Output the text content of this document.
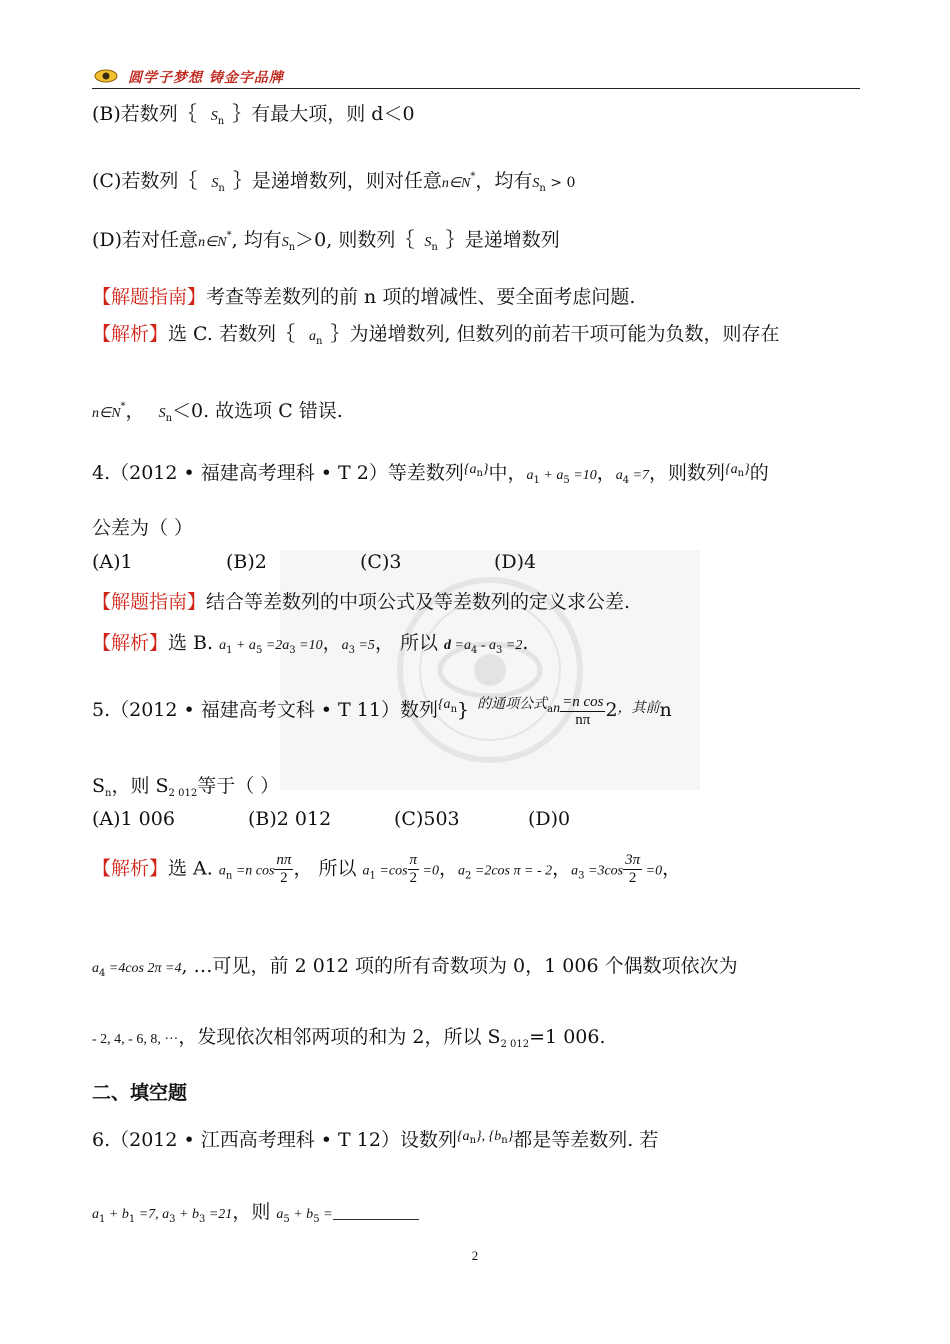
圆学子梦想 铸金字品牌
(B)若数列｛ $S_n$ ｝有最大项，则 d＜0
(C)若数列｛ $S_n$ ｝是递增数列，则对任意n∈N*，均有$S_n > 0$
(D)若对任意n∈N*, 均有$S_n>0$, 则数列｛ $S_n$ ｝是递增数列
【解题指南】考查等差数列的前 n 项的增减性、要全面考虑问题.
【解析】选 C. 若数列｛ $a_n$ ｝为递增数列, 但数列的前若干项可能为负数，则存在
n∈N*， $S_n<0$. 故选项 C 错误.
4.（2012 • 福建高考理科 • T 2）等差数列$^{\{an\}}$中，$a_1 + a_5 =10$，$a_4 =7$，则数列$^{\{an\}}$的
公差为（ ）
(A)1	(B)2	(C)3	(D)4
【解题指南】结合等差数列的中项公式及等差数列的定义求公差.
【解析】选 B. $a_1 + a_5 =2a_3 =10$，$a_3 =5$， 所以 $d =a_4 - a_3 =2$.
5.（2012 • 福建高考文科 • T 11）数列$^{\{an}$} $^{的通项公式an} \frac{\text{=n cos}}{n\pi} 2^{,其前}n$
$S_n$，则 $S_{2 012}$等于（ ）
(A)1 006	(B)2 012	(C)503	(D)0
【解析】选 A. $a_n =n$ $\cos \frac{n\pi}{2}$ ， 所以 $a_1 =\cos \frac{\pi}{2} =0$，$a_2 =2\cos$ π = - 2，$a_3 =3\cos \frac{3\pi}{2} =0$，
$a_4 =4\cos$ 2π =4, …可见，前 2 012 项的所有奇数项为 0，1 006 个偶数项依次为
- 2, 4, - 6, 8, ···，发现依次相邻两项的和为 2，所以 $S_{2 012}=1$ 006.
二、填空题
6.（2012 • 江西高考理科 • T 12）设数列$^{\{an\},}$ $^{\{bn\}}$都是等差数列. 若
$a_1 + b_1 =7$, $a_3 + b_3 =21$，则 $a_5 + b_5$ =
2
